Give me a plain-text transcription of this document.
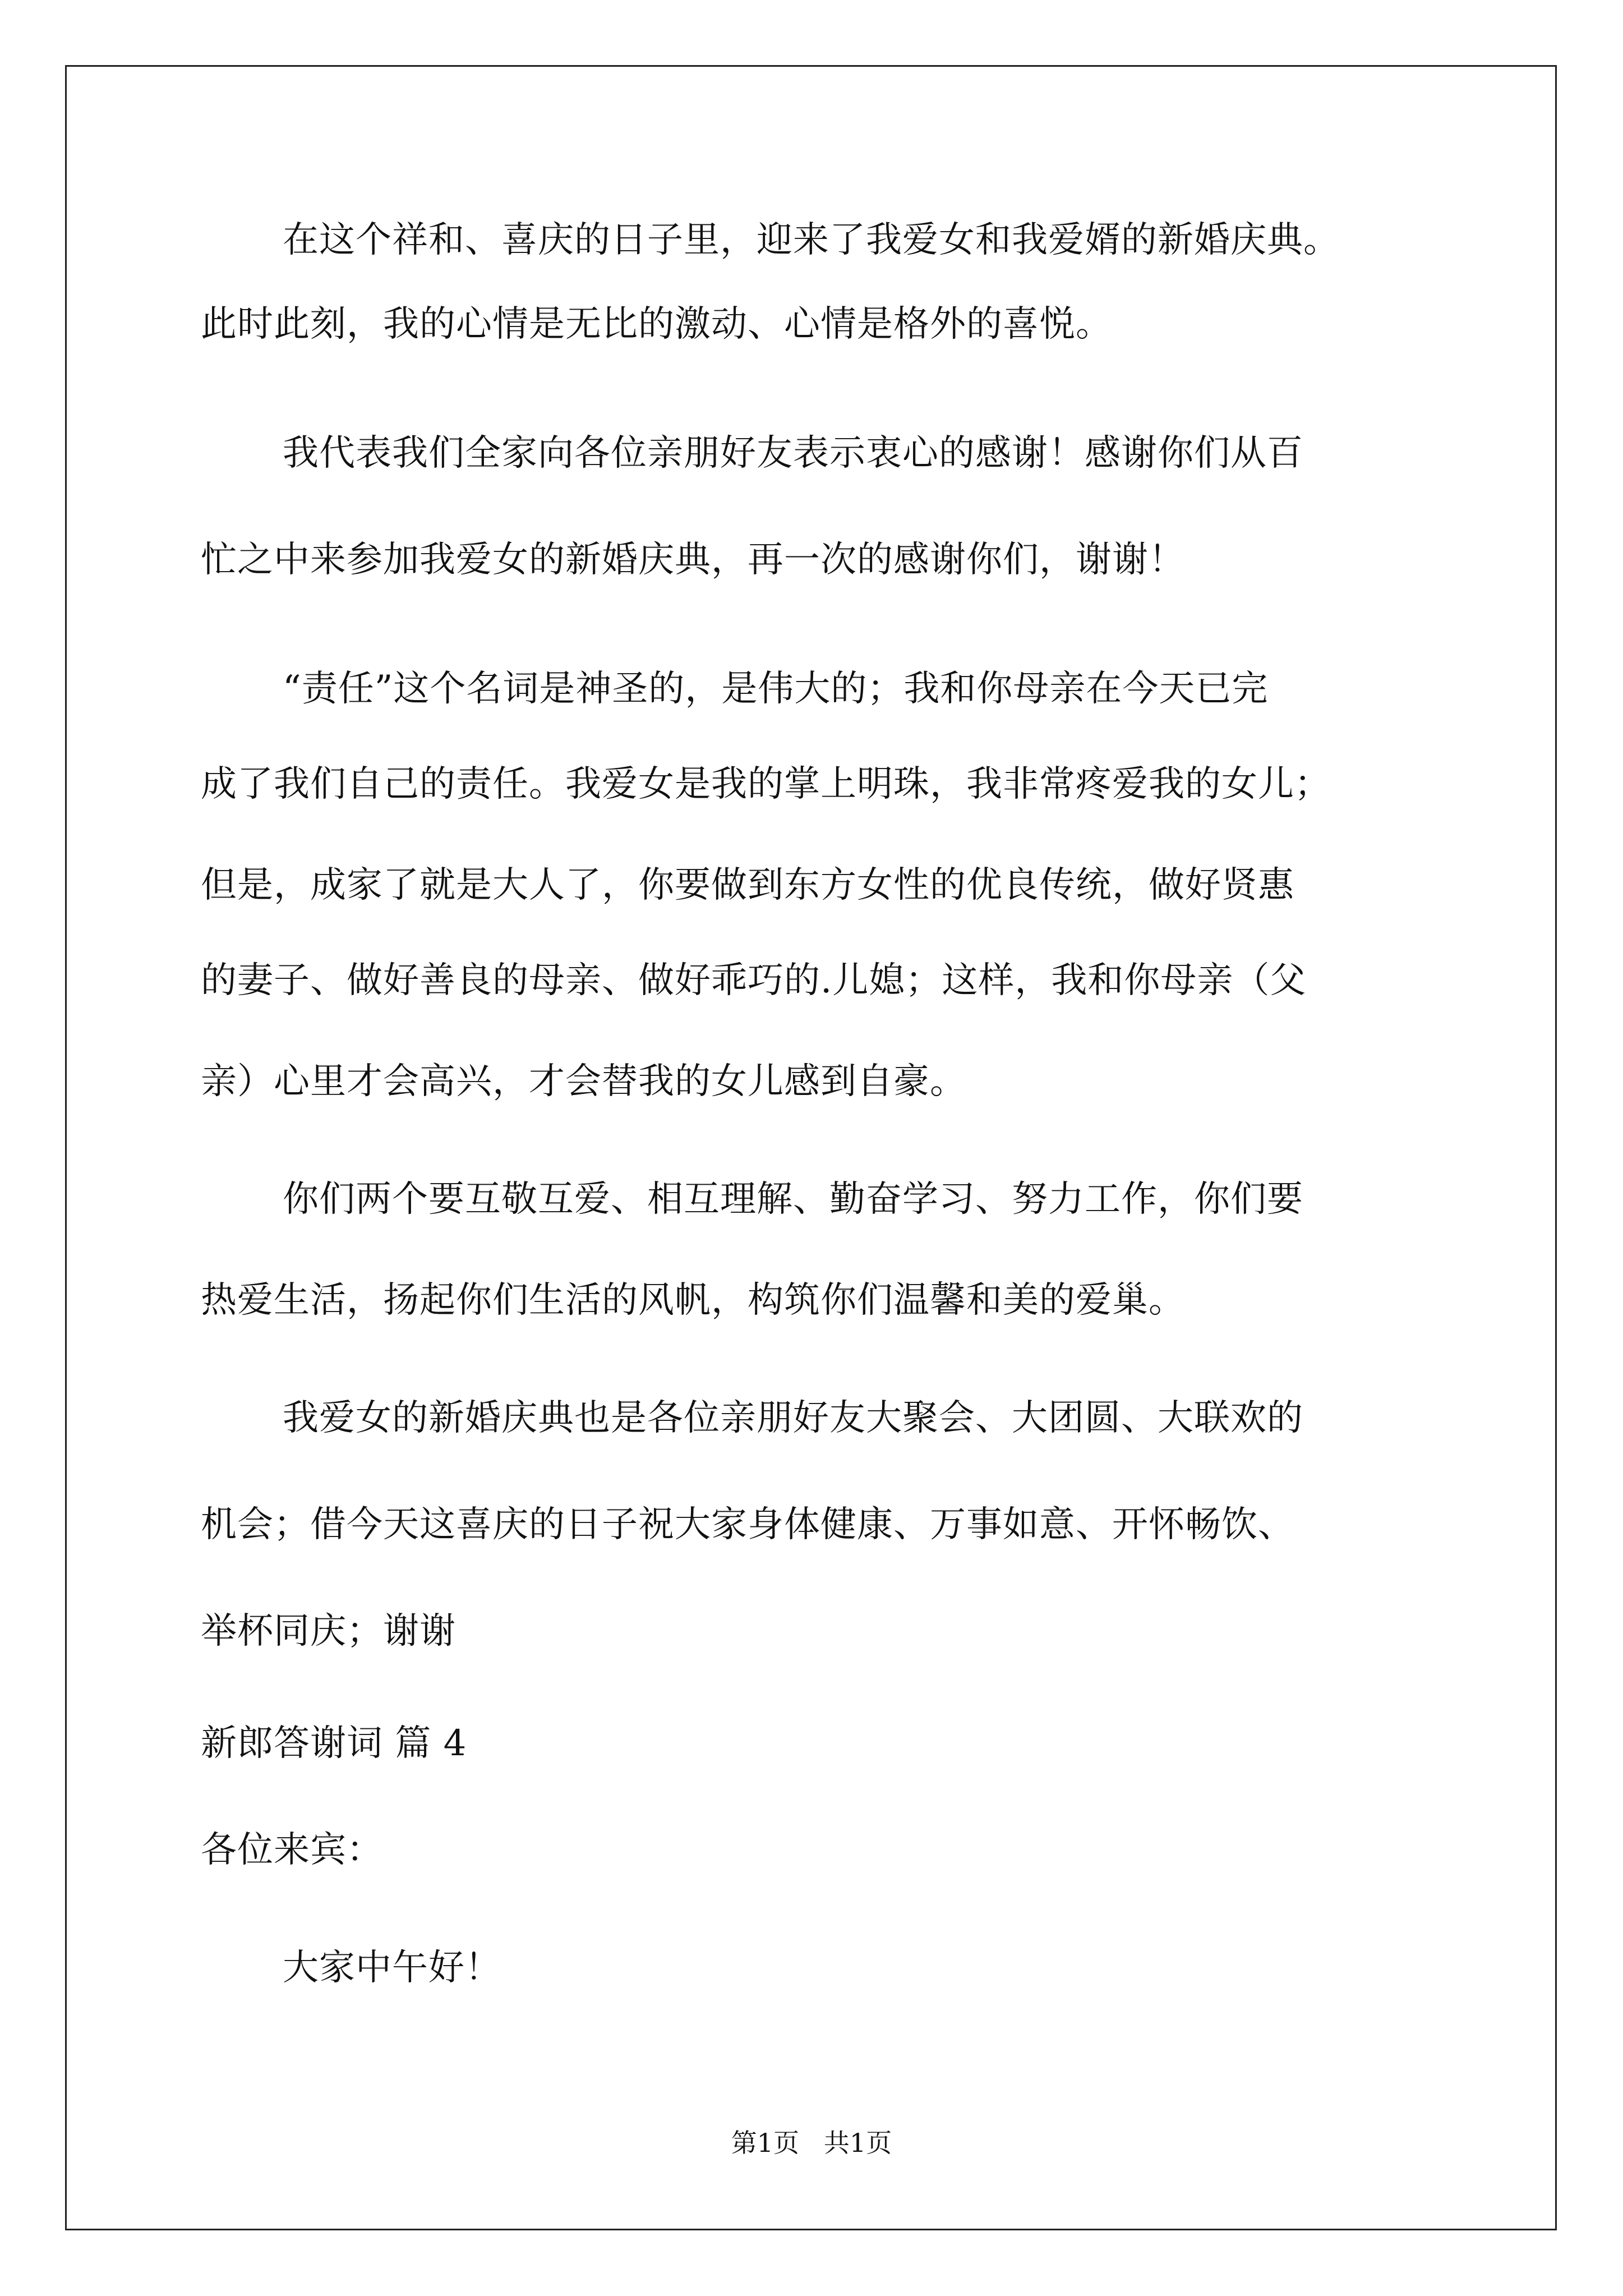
在这个祥和、喜庆的日子里，迎来了我爱女和我爱婿的新婚庆典。
此时此刻，我的心情是无比的激动、心情是格外的喜悦。
我代表我们全家向各位亲朋好友表示衷心的感谢！感谢你们从百
忙之中来参加我爱女的新婚庆典，再一次的感谢你们，谢谢！
“责任”这个名词是神圣的，是伟大的；我和你母亲在今天已完
成了我们自己的责任。我爱女是我的掌上明珠，我非常疼爱我的女儿；
但是，成家了就是大人了，你要做到东方女性的优良传统，做好贤惠
的妻子、做好善良的母亲、做好乖巧的.儿媳；这样，我和你母亲（父
亲）心里才会高兴，才会替我的女儿感到自豪。
你们两个要互敬互爱、相互理解、勤奋学习、努力工作，你们要
热爱生活，扬起你们生活的风帆，构筑你们温馨和美的爱巢。
我爱女的新婚庆典也是各位亲朋好友大聚会、大团圆、大联欢的
机会；借今天这喜庆的日子祝大家身体健康、万事如意、开怀畅饮、
举杯同庆；谢谢
新郎答谢词 篇 4
各位来宾：
大家中午好！
第1页   共1页
